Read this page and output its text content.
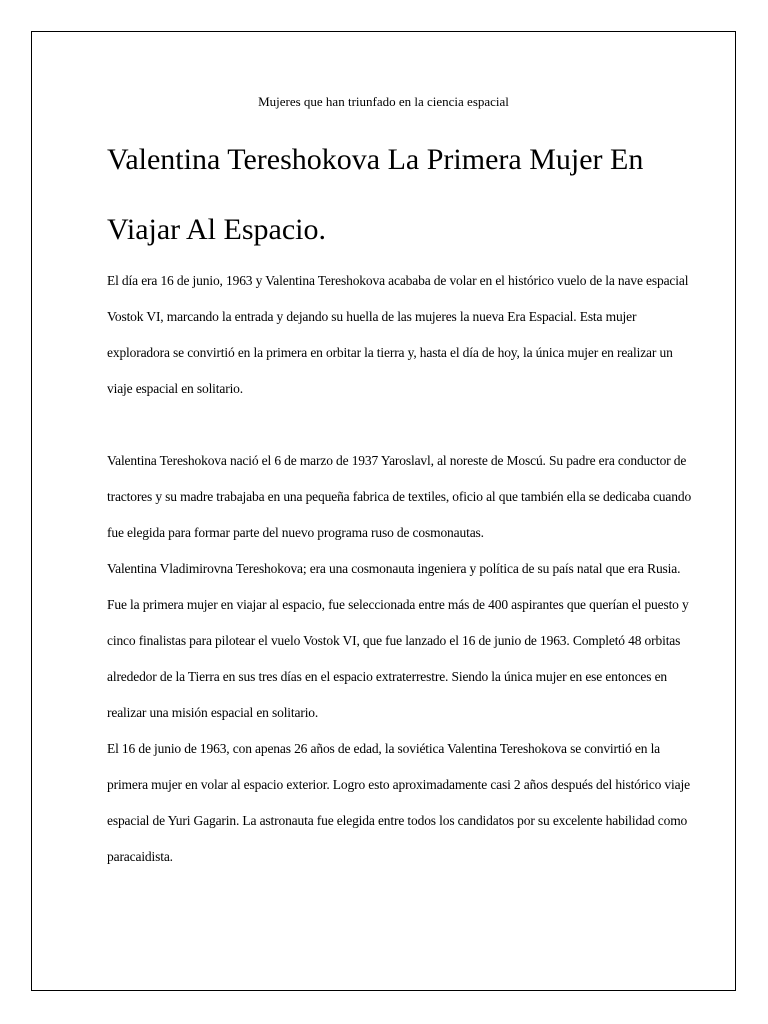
Mujeres que han triunfado en la ciencia espacial
Valentina Tereshokova La Primera Mujer En Viajar Al Espacio.

El día era 16 de junio, 1963 y Valentina Tereshokova acababa de volar en el histórico vuelo de la nave espacial Vostok VI, marcando la entrada y dejando su huella de las mujeres la nueva Era Espacial. Esta mujer exploradora se convirtió en la primera en orbitar la tierra y, hasta el día de hoy, la única mujer en realizar un viaje espacial en solitario.

Valentina Tereshokova nació el 6 de marzo de 1937 Yaroslavl, al noreste de Moscú. Su padre era conductor de tractores y su madre trabajaba en una pequeña fabrica de textiles, oficio al que también ella se dedicaba cuando fue elegida para formar parte del nuevo programa ruso de cosmonautas.

Valentina Vladimirovna Tereshokova; era una cosmonauta ingeniera y política de su país natal que era Rusia. Fue la primera mujer en viajar al espacio, fue seleccionada entre más de 400 aspirantes que querían el puesto y cinco finalistas para pilotear el vuelo Vostok VI, que fue lanzado el 16 de junio de 1963. Completó 48 orbitas alrededor de la Tierra en sus tres días en el espacio extraterrestre. Siendo la única mujer en ese entonces en realizar una misión espacial en solitario.

El 16 de junio de 1963, con apenas 26 años de edad, la soviética Valentina Tereshokova se convirtió en la primera mujer en volar al espacio exterior. Logro esto aproximadamente casi 2 años después del histórico viaje espacial de Yuri Gagarin. La astronauta fue elegida entre todos los candidatos por su excelente habilidad como paracaidista.
